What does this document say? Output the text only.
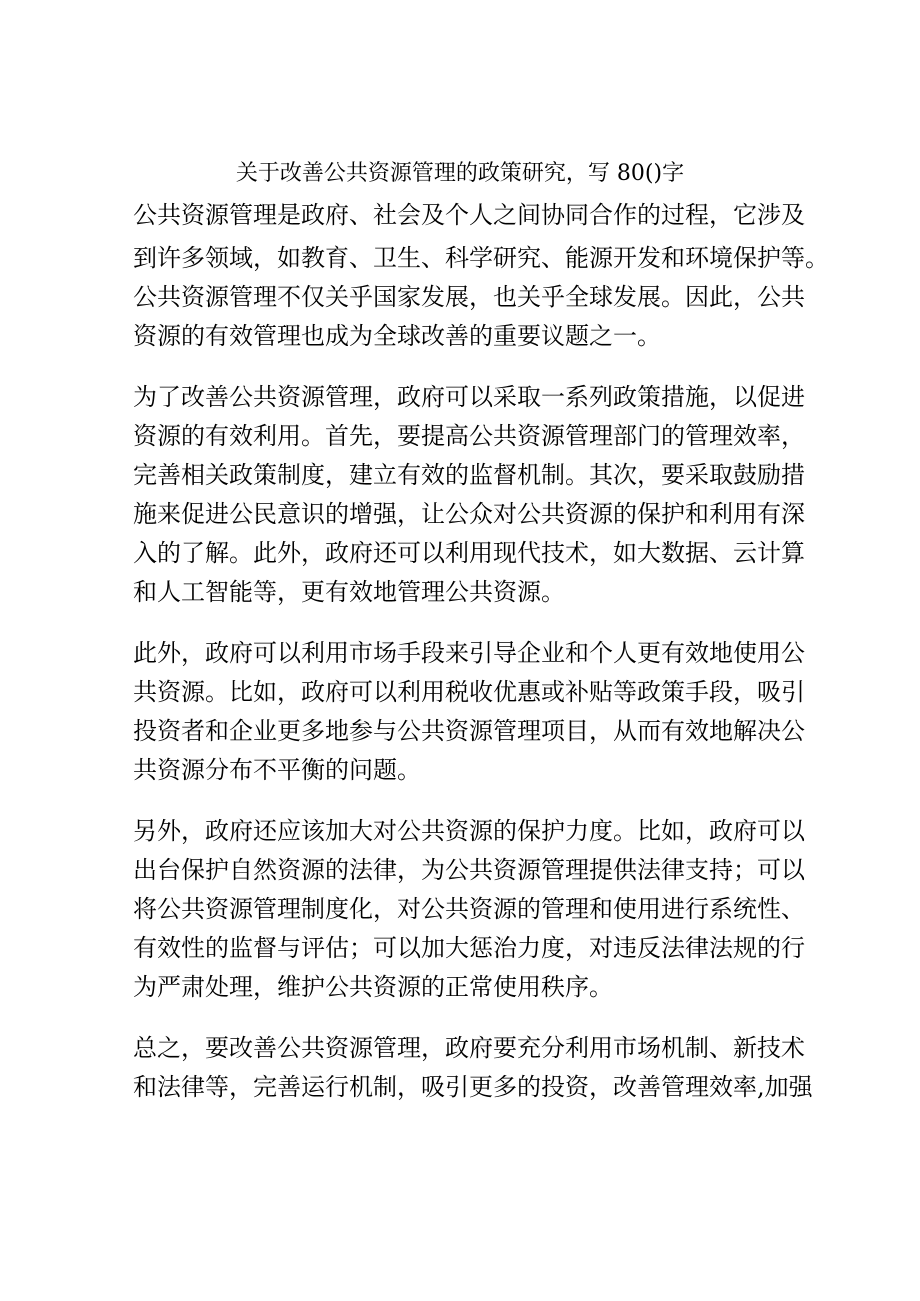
关于改善公共资源管理的政策研究，写 80()字

公共资源管理是政府、社会及个人之间协同合作的过程，它涉及

到许多领域，如教育、卫生、科学研究、能源开发和环境保护等。

公共资源管理不仅关乎国家发展，也关乎全球发展。因此，公共

资源的有效管理也成为全球改善的重要议题之一。

为了改善公共资源管理，政府可以采取一系列政策措施，以促进

资源的有效利用。首先，要提高公共资源管理部门的管理效率，

完善相关政策制度，建立有效的监督机制。其次，要采取鼓励措

施来促进公民意识的增强，让公众对公共资源的保护和利用有深

入的了解。此外，政府还可以利用现代技术，如大数据、云计算

和人工智能等，更有效地管理公共资源。

此外，政府可以利用市场手段来引导企业和个人更有效地使用公

共资源。比如，政府可以利用税收优惠或补贴等政策手段，吸引

投资者和企业更多地参与公共资源管理项目，从而有效地解决公

共资源分布不平衡的问题。

另外，政府还应该加大对公共资源的保护力度。比如，政府可以

出台保护自然资源的法律，为公共资源管理提供法律支持；可以

将公共资源管理制度化，对公共资源的管理和使用进行系统性、

有效性的监督与评估；可以加大惩治力度，对违反法律法规的行

为严肃处理，维护公共资源的正常使用秩序。

总之，要改善公共资源管理，政府要充分利用市场机制、新技术

和法律等，完善运行机制，吸引更多的投资，改善管理效率,加强
